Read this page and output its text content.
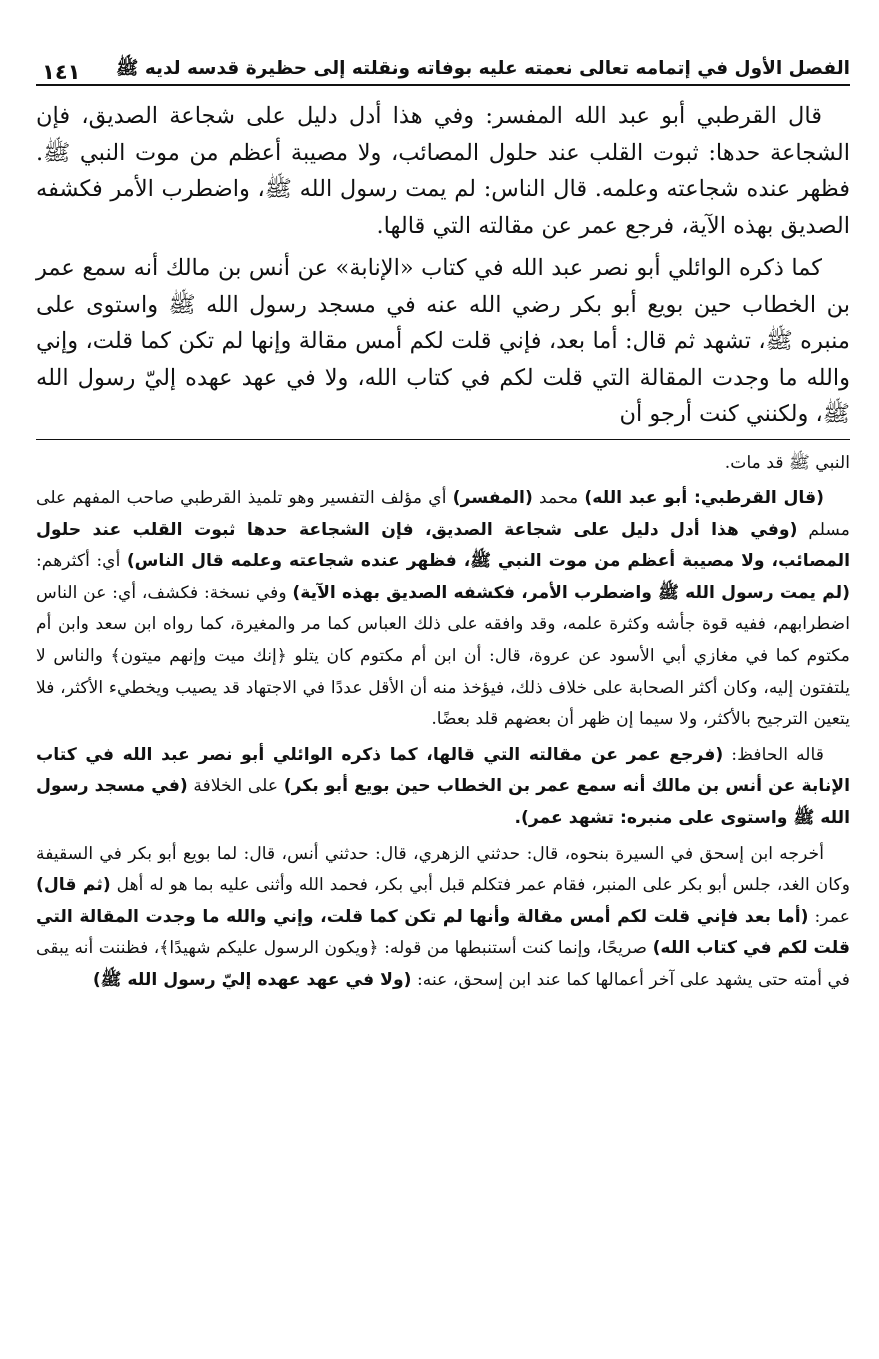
الفصل الأول في إتمامه تعالى نعمته عليه بوفاته ونقلته إلى حظيرة قدسه لديه ﷺ
١٤١

قال القرطبي أبو عبد الله المفسر: وفي هذا أدل دليل على شجاعة الصديق، فإن الشجاعة حدها: ثبوت القلب عند حلول المصائب، ولا مصيبة أعظم من موت النبي ﷺ. فظهر عنده شجاعته وعلمه. قال الناس: لم يمت رسول الله ﷺ، واضطرب الأمر فكشفه الصديق بهذه الآية، فرجع عمر عن مقالته التي قالها.

كما ذكره الوائلي أبو نصر عبد الله في كتاب «الإنابة» عن أنس بن مالك أنه سمع عمر بن الخطاب حين بويع أبو بكر رضي الله عنه في مسجد رسول الله ﷺ واستوى على منبره ﷺ، تشهد ثم قال: أما بعد، فإني قلت لكم أمس مقالة وإنها لم تكن كما قلت، وإني والله ما وجدت المقالة التي قلت لكم في كتاب الله، ولا في عهد عهده إليّ رسول الله ﷺ، ولكنني كنت أرجو أن

النبي ﷺ قد مات.

(قال القرطبي: أبو عبد الله) محمد (المفسر) أي مؤلف التفسير وهو تلميذ القرطبي صاحب المفهم على مسلم (وفي هذا أدل دليل على شجاعة الصديق، فإن الشجاعة حدها ثبوت القلب عند حلول المصائب، ولا مصيبة أعظم من موت النبي ﷺ، فظهر عنده شجاعته وعلمه قال الناس) أي: أكثرهم: (لم يمت رسول الله ﷺ واضطرب الأمر، فكشفه الصديق بهذه الآية) وفي نسخة: فكشف، أي: عن الناس اضطرابهم، ففيه قوة جأشه وكثرة علمه، وقد وافقه على ذلك العباس كما مر والمغيرة، كما رواه ابن سعد وابن أم مكتوم كما في مغازي أبي الأسود عن عروة، قال: أن ابن أم مكتوم كان يتلو ﴿إنك ميت وإنهم ميتون﴾ والناس لا يلتفتون إليه، وكان أكثر الصحابة على خلاف ذلك، فيؤخذ منه أن الأقل عددًا في الاجتهاد قد يصيب ويخطيء الأكثر، فلا يتعين الترجيح بالأكثر، ولا سيما إن ظهر أن بعضهم قلد بعضًا.

قاله الحافظ: (فرجع عمر عن مقالته التي قالها، كما ذكره الوائلي أبو نصر عبد الله في كتاب الإنابة عن أنس بن مالك أنه سمع عمر بن الخطاب حين بويع أبو بكر) على الخلافة (في مسجد رسول الله ﷺ واستوى على منبره: تشهد عمر).

أخرجه ابن إسحق في السيرة بنحوه، قال: حدثني الزهري، قال: حدثني أنس، قال: لما بويع أبو بكر في السقيفة وكان الغد، جلس أبو بكر على المنبر، فقام عمر فتكلم قبل أبي بكر، فحمد الله وأثنى عليه بما هو له أهل (ثم قال) عمر: (أما بعد فإني قلت لكم أمس مقالة وأنها لم تكن كما قلت، وإني والله ما وجدت المقالة التي قلت لكم في كتاب الله) صريحًا، وإنما كنت أستنبطها من قوله: ﴿ويكون الرسول عليكم شهيدًا﴾، فظننت أنه يبقى في أمته حتى يشهد على آخر أعمالها كما عند ابن إسحق، عنه: (ولا في عهد عهده إليّ رسول الله ﷺ)
